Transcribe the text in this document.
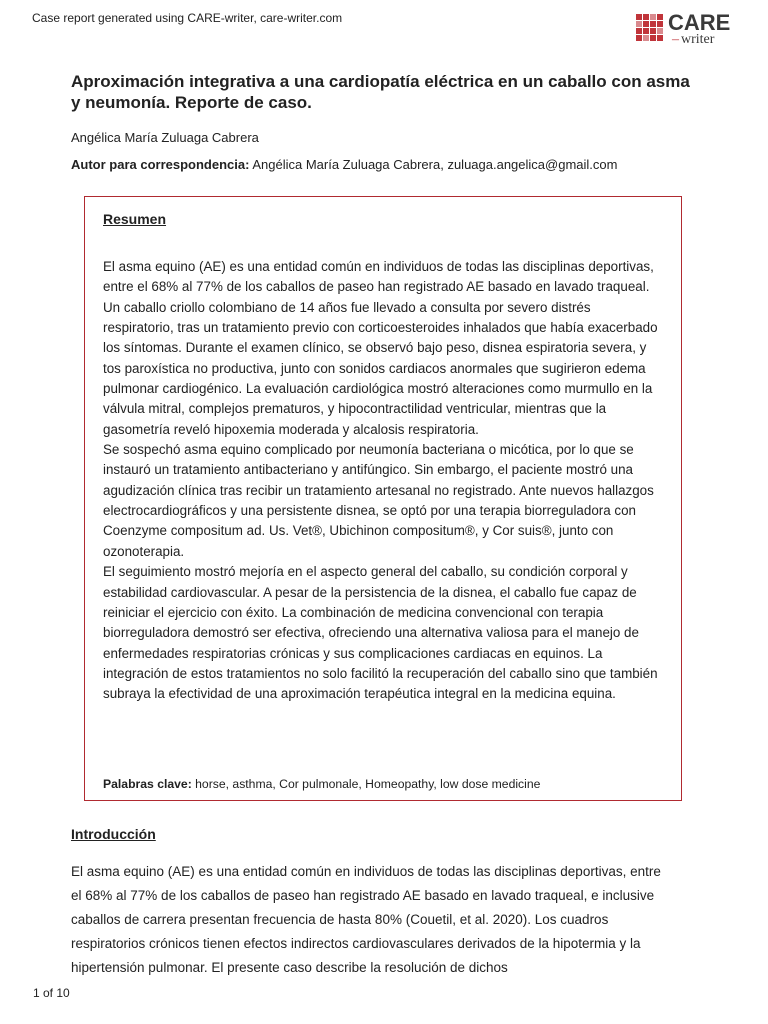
Case report generated using CARE-writer, care-writer.com	CARE
– writer
Aproximación integrativa a una cardiopatía eléctrica en un caballo con asma y neumonía. Reporte de caso.
Angélica María Zuluaga Cabrera
Autor para correspondencia: Angélica María Zuluaga Cabrera, zuluaga.angelica@gmail.com
Resumen

El asma equino (AE) es una entidad común en individuos de todas las disciplinas deportivas, entre el 68% al 77% de los caballos de paseo han registrado AE basado en lavado traqueal. Un caballo criollo colombiano de 14 años fue llevado a consulta por severo distrés respiratorio, tras un tratamiento previo con corticoesteroides inhalados que había exacerbado los síntomas. Durante el examen clínico, se observó bajo peso, disnea espiratoria severa, y tos paroxística no productiva, junto con sonidos cardiacos anormales que sugirieron edema pulmonar cardiogénico. La evaluación cardiológica mostró alteraciones como murmullo en la válvula mitral, complejos prematuros, y hipocontractilidad ventricular, mientras que la gasometría reveló hipoxemia moderada y alcalosis respiratoria.

Se sospechó asma equino complicado por neumonía bacteriana o micótica, por lo que se instauró un tratamiento antibacteriano y antifúngico. Sin embargo, el paciente mostró una agudización clínica tras recibir un tratamiento artesanal no registrado. Ante nuevos hallazgos electrocardiográficos y una persistente disnea, se optó por una terapia biorreguladora con Coenzyme compositum ad. Us. Vet®, Ubichinon compositum®, y Cor suis®, junto con ozonoterapia.

El seguimiento mostró mejoría en el aspecto general del caballo, su condición corporal y estabilidad cardiovascular. A pesar de la persistencia de la disnea, el caballo fue capaz de reiniciar el ejercicio con éxito. La combinación de medicina convencional con terapia biorreguladora demostró ser efectiva, ofreciendo una alternativa valiosa para el manejo de enfermedades respiratorias crónicas y sus complicaciones cardiacas en equinos. La integración de estos tratamientos no solo facilitó la recuperación del caballo sino que también subraya la efectividad de una aproximación terapéutica integral en la medicina equina.

Palabras clave: horse, asthma, Cor pulmonale, Homeopathy, low dose medicine
Introducción

El asma equino (AE) es una entidad común en individuos de todas las disciplinas deportivas, entre el 68% al 77% de los caballos de paseo han registrado AE basado en lavado traqueal, e inclusive caballos de carrera presentan frecuencia de hasta 80% (Couetil, et al. 2020). Los cuadros respiratorios crónicos tienen efectos indirectos cardiovasculares derivados de la hipotermia y la hipertensión pulmonar. El presente caso describe la resolución de dichos

1 of 10
